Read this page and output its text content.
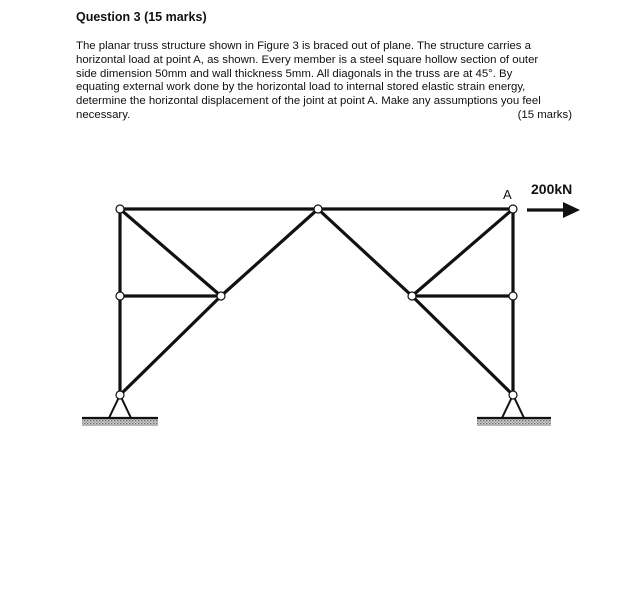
Question 3 (15 marks)
The planar truss structure shown in Figure 3 is braced out of plane. The structure carries a
horizontal load at point A, as shown. Every member is a steel square hollow section of outer
side dimension 50mm and wall thickness 5mm. All diagonals in the truss are at 45°. By
equating external work done by the horizontal load to internal stored elastic strain energy,
determine the horizontal displacement of the joint at point A. Make any assumptions you feel
necessary.	(15 marks)
A 200kN
